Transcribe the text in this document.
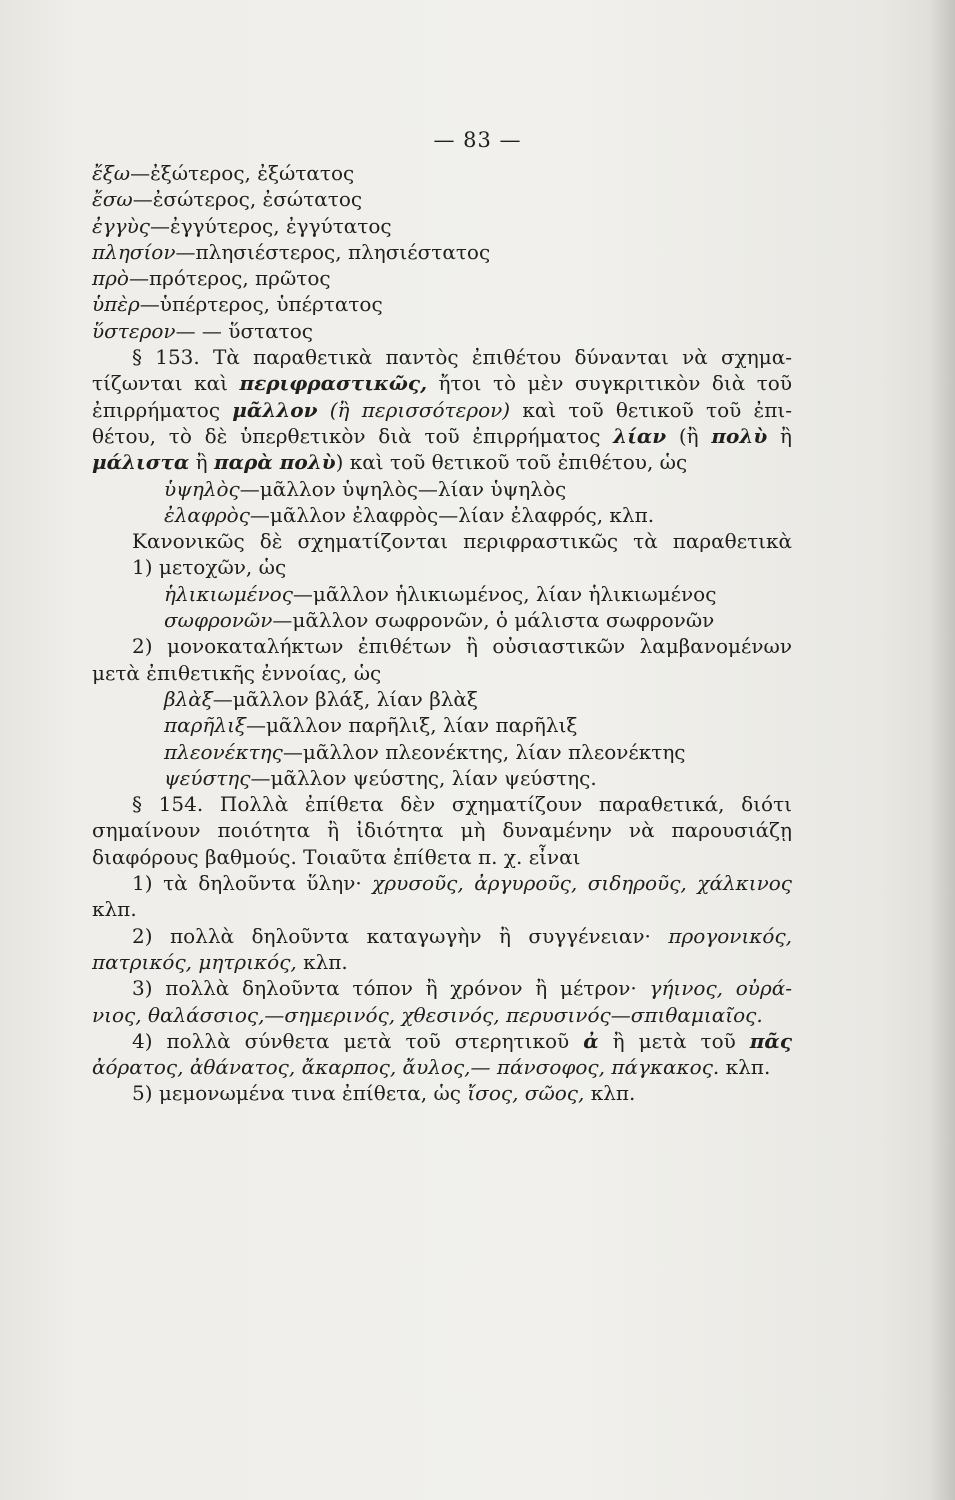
— 83 —
ἔξω—ἐξώτερος, ἐξώτατος
ἔσω—ἐσώτερος, ἐσώτατος
ἐγγὺς—ἐγγύτερος, ἐγγύτατος
πλησίον—πλησιέστερος, πλησιέστατος
πρὸ—πρότερος, πρῶτος
ὑπὲρ—ὑπέρτερος, ὑπέρτατος
ὕστερον— — ὕστατος
§ 153. Τὰ παραθετικὰ παντὸς ἐπιθέτου δύνανται νὰ σχημα-
τίζωνται καὶ περιφραστικῶς, ἤτοι τὸ μὲν συγκριτικὸν διὰ τοῦ
ἐπιρρήματος μᾶλλον (ἢ περισσότερον) καὶ τοῦ θετικοῦ τοῦ ἐπι-
θέτου, τὸ δὲ ὑπερθετικὸν διὰ τοῦ ἐπιρρήματος λίαν (ἢ πολὺ ἢ
μάλιστα ἢ παρὰ πολὺ) καὶ τοῦ θετικοῦ τοῦ ἐπιθέτου, ὡς
ὑψηλὸς—μᾶλλον ὑψηλὸς—λίαν ὑψηλὸς
ἐλαφρὸς—μᾶλλον ἐλαφρὸς—λίαν ἐλαφρός, κλπ.
Κανονικῶς δὲ σχηματίζονται περιφραστικῶς τὰ παραθετικὰ
1) μετοχῶν, ὡς
ἡλικιωμένος—μᾶλλον ἡλικιωμένος, λίαν ἡλικιωμένος
σωφρονῶν—μᾶλλον σωφρονῶν, ὁ μάλιστα σωφρονῶν
2) μονοκαταλήκτων ἐπιθέτων ἢ οὐσιαστικῶν λαμβανομένων
μετὰ ἐπιθετικῆς ἐννοίας, ὡς
βλὰξ—μᾶλλον βλάξ, λίαν βλὰξ
παρῆλιξ—μᾶλλον παρῆλιξ, λίαν παρῆλιξ
πλεονέκτης—μᾶλλον πλεονέκτης, λίαν πλεονέκτης
ψεύστης—μᾶλλον ψεύστης, λίαν ψεύστης.
§ 154. Πολλὰ ἐπίθετα δὲν σχηματίζουν παραθετικά, διότι
σημαίνουν ποιότητα ἢ ἰδιότητα μὴ δυναμένην νὰ παρουσιάζῃ
διαφόρους βαθμούς. Τοιαῦτα ἐπίθετα π. χ. εἶναι
1) τὰ δηλοῦντα ὕλην· χρυσοῦς, ἀργυροῦς, σιδηροῦς, χάλκινος
κλπ.
2) πολλὰ δηλοῦντα καταγωγὴν ἢ συγγένειαν· προγονικός,
πατρικός, μητρικός, κλπ.
3) πολλὰ δηλοῦντα τόπον ἢ χρόνον ἢ μέτρον· γήινος, οὐρά-
νιος, θαλάσσιος,—σημερινός, χθεσινός, περυσινός—σπιθαμιαῖος.
4) πολλὰ σύνθετα μετὰ τοῦ στερητικοῦ ἀ ἢ μετὰ τοῦ πᾶς
ἀόρατος, ἀθάνατος, ἄκαρπος, ἄυλος,— πάνσοφος, πάγκακος. κλπ.
5) μεμονωμένα τινα ἐπίθετα, ὡς ἴσος, σῶος, κλπ.
